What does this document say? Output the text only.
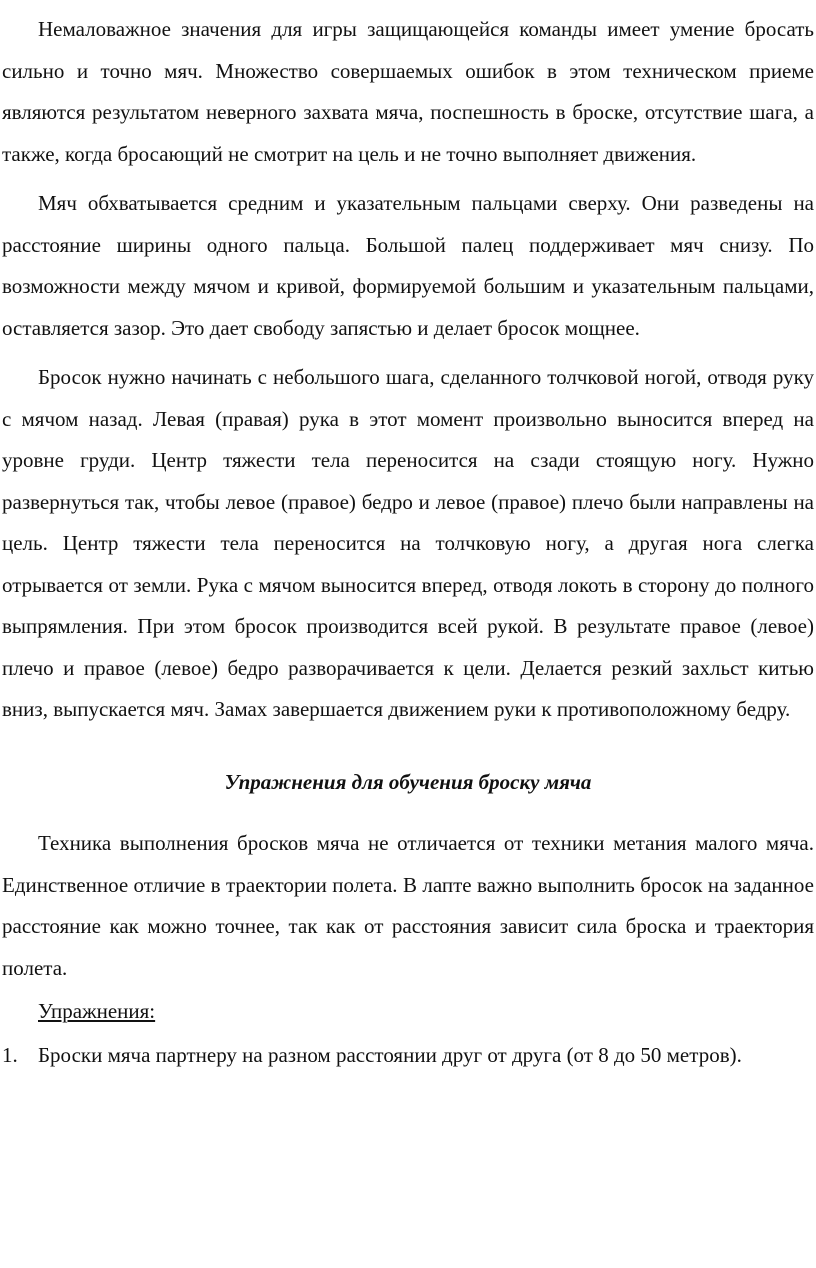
Немаловажное значения для игры защищающейся команды имеет умение бросать сильно и точно мяч. Множество совершаемых ошибок в этом техническом приеме являются результатом неверного захвата мяча, поспешность в броске, отсутствие шага, а также, когда бросающий не смотрит на цель и не точно выполняет движения.

Мяч обхватывается средним и указательным пальцами сверху. Они разведены на расстояние ширины одного пальца. Большой палец поддерживает мяч снизу. По возможности между мячом и кривой, формируемой большим и указательным пальцами, оставляется зазор. Это дает свободу запястью и делает бросок мощнее.

Бросок нужно начинать с небольшого шага, сделанного толчковой ногой, отводя руку с мячом назад. Левая (правая) рука в этот момент произвольно выносится вперед на уровне груди. Центр тяжести тела переносится на сзади стоящую ногу. Нужно развернуться так, чтобы левое (правое) бедро и левое (правое) плечо были направлены на цель. Центр тяжести тела переносится на толчковую ногу, а другая нога слегка отрывается от земли. Рука с мячом выносится вперед, отводя локоть в сторону до полного выпрямления. При этом бросок производится всей рукой. В результате правое (левое) плечо и правое (левое) бедро разворачивается к цели. Делается резкий захльст китью вниз, выпускается мяч. Замах завершается движением руки к противоположному бедру.

Упражнения для обучения броску мяча

Техника выполнения бросков мяча не отличается от техники метания малого мяча. Единственное отличие в траектории полета. В лапте важно выполнить бросок на заданное расстояние как можно точнее, так как от расстояния зависит сила броска и траектория полета.

Упражнения:
1. Броски мяча партнеру на разном расстоянии друг от друга (от 8 до 50 метров).
